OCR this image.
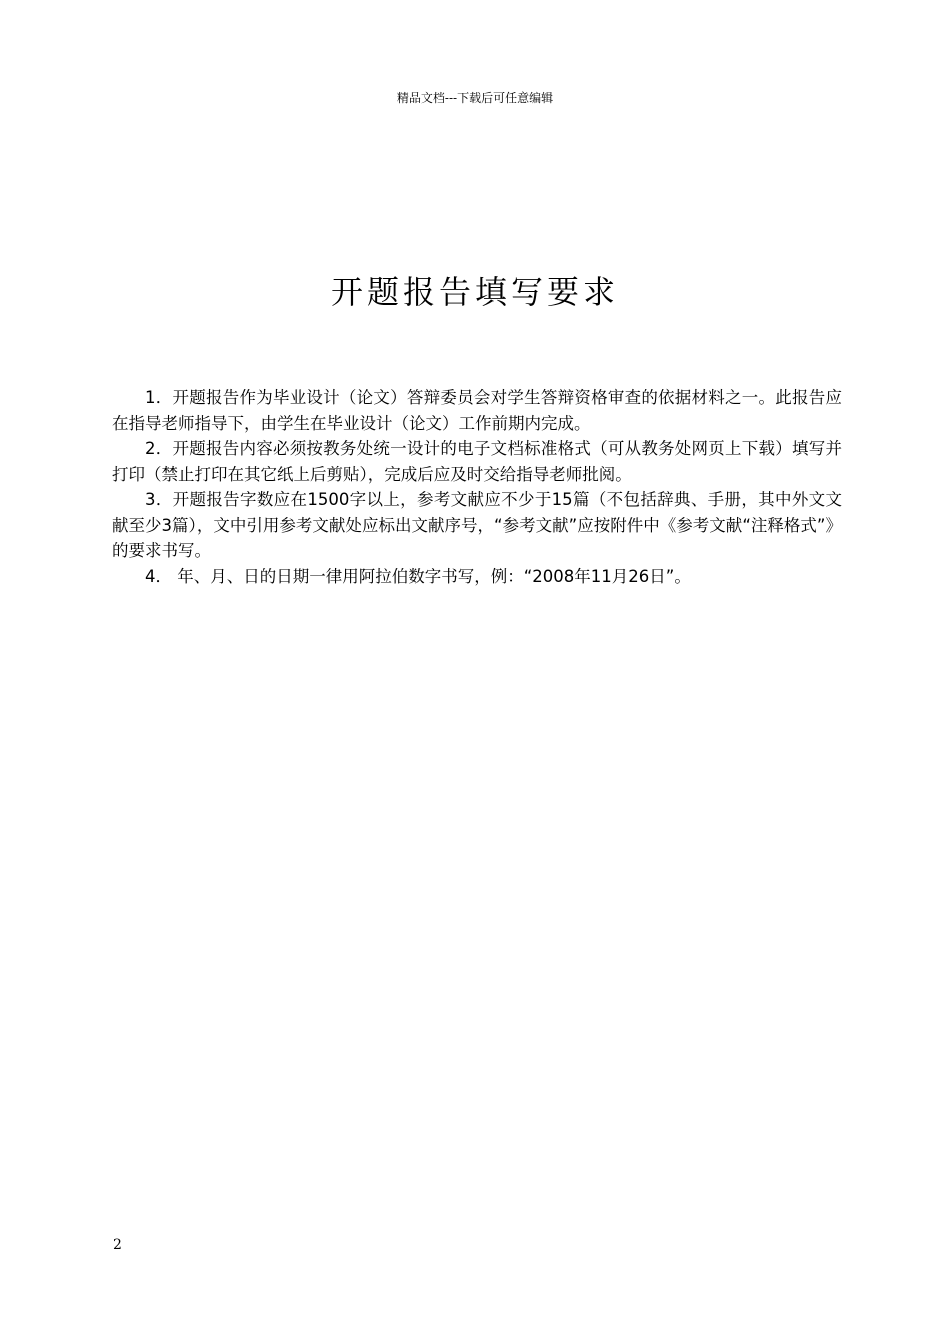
精品文档---下载后可任意编辑
开题报告填写要求

1．开题报告作为毕业设计（论文）答辩委员会对学生答辩资格审查的依据材料之一。此报告应在指导老师指导下，由学生在毕业设计（论文）工作前期内完成。

2．开题报告内容必须按教务处统一设计的电子文档标准格式（可从教务处网页上下载）填写并打印（禁止打印在其它纸上后剪贴），完成后应及时交给指导老师批阅。

3．开题报告字数应在1500字以上，参考文献应不少于15篇（不包括辞典、手册，其中外文文献至少3篇），文中引用参考文献处应标出文献序号，“参考文献”应按附件中《参考文献“注释格式”》的要求书写。

4． 年、月、日的日期一律用阿拉伯数字书写，例：“2008年11月26日”。

2
